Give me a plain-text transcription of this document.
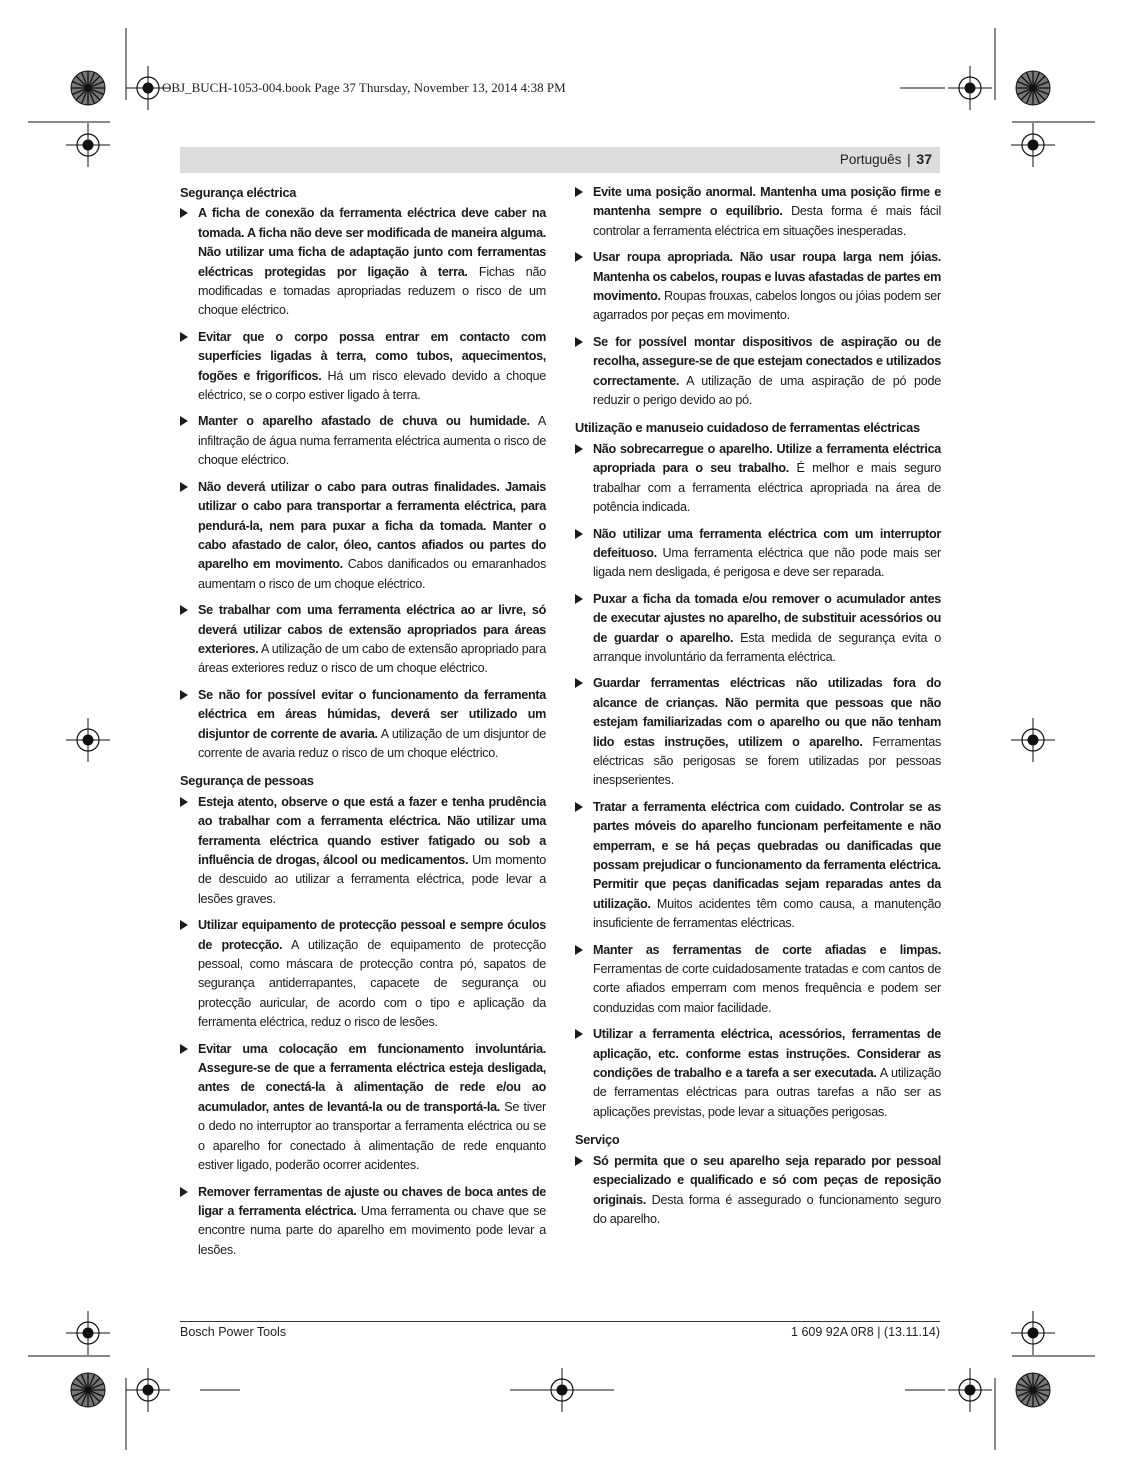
OBJ_BUCH-1053-004.book Page 37 Thursday, November 13, 2014 4:38 PM
Português | 37
Segurança eléctrica
A ficha de conexão da ferramenta eléctrica deve caber na tomada. A ficha não deve ser modificada de maneira alguma. Não utilizar uma ficha de adaptação junto com ferramentas eléctricas protegidas por ligação à terra. Fichas não modificadas e tomadas apropriadas reduzem o risco de um choque eléctrico.
Evitar que o corpo possa entrar em contacto com superfícies ligadas à terra, como tubos, aquecimentos, fogões e frigoríficos. Há um risco elevado devido a choque eléctrico, se o corpo estiver ligado à terra.
Manter o aparelho afastado de chuva ou humidade. A infiltração de água numa ferramenta eléctrica aumenta o risco de choque eléctrico.
Não deverá utilizar o cabo para outras finalidades. Jamais utilizar o cabo para transportar a ferramenta eléctrica, para pendurá-la, nem para puxar a ficha da tomada. Manter o cabo afastado de calor, óleo, cantos afiados ou partes do aparelho em movimento. Cabos danificados ou emaranhados aumentam o risco de um choque eléctrico.
Se trabalhar com uma ferramenta eléctrica ao ar livre, só deverá utilizar cabos de extensão apropriados para áreas exteriores. A utilização de um cabo de extensão apropriado para áreas exteriores reduz o risco de um choque eléctrico.
Se não for possível evitar o funcionamento da ferramenta eléctrica em áreas húmidas, deverá ser utilizado um disjuntor de corrente de avaria. A utilização de um disjuntor de corrente de avaria reduz o risco de um choque eléctrico.
Segurança de pessoas
Esteja atento, observe o que está a fazer e tenha prudência ao trabalhar com a ferramenta eléctrica. Não utilizar uma ferramenta eléctrica quando estiver fatigado ou sob a influência de drogas, álcool ou medicamentos. Um momento de descuido ao utilizar a ferramenta eléctrica, pode levar a lesões graves.
Utilizar equipamento de protecção pessoal e sempre óculos de protecção. A utilização de equipamento de protecção pessoal, como máscara de protecção contra pó, sapatos de segurança antiderrapantes, capacete de segurança ou protecção auricular, de acordo com o tipo e aplicação da ferramenta eléctrica, reduz o risco de lesões.
Evitar uma colocação em funcionamento involuntária. Assegure-se de que a ferramenta eléctrica esteja desligada, antes de conectá-la à alimentação de rede e/ou ao acumulador, antes de levantá-la ou de transportá-la. Se tiver o dedo no interruptor ao transportar a ferramenta eléctrica ou se o aparelho for conectado à alimentação de rede enquanto estiver ligado, poderão ocorrer acidentes.
Remover ferramentas de ajuste ou chaves de boca antes de ligar a ferramenta eléctrica. Uma ferramenta ou chave que se encontre numa parte do aparelho em movimento pode levar a lesões.
Evite uma posição anormal. Mantenha uma posição firme e mantenha sempre o equilíbrio. Desta forma é mais fácil controlar a ferramenta eléctrica em situações inesperadas.
Usar roupa apropriada. Não usar roupa larga nem jóias. Mantenha os cabelos, roupas e luvas afastadas de partes em movimento. Roupas frouxas, cabelos longos ou jóias podem ser agarrados por peças em movimento.
Se for possível montar dispositivos de aspiração ou de recolha, assegure-se de que estejam conectados e utilizados correctamente. A utilização de uma aspiração de pó pode reduzir o perigo devido ao pó.
Utilização e manuseio cuidadoso de ferramentas eléctricas
Não sobrecarregue o aparelho. Utilize a ferramenta eléctrica apropriada para o seu trabalho. É melhor e mais seguro trabalhar com a ferramenta eléctrica apropriada na área de potência indicada.
Não utilizar uma ferramenta eléctrica com um interruptor defeituoso. Uma ferramenta eléctrica que não pode mais ser ligada nem desligada, é perigosa e deve ser reparada.
Puxar a ficha da tomada e/ou remover o acumulador antes de executar ajustes no aparelho, de substituir acessórios ou de guardar o aparelho. Esta medida de segurança evita o arranque involuntário da ferramenta eléctrica.
Guardar ferramentas eléctricas não utilizadas fora do alcance de crianças. Não permita que pessoas que não estejam familiarizadas com o aparelho ou que não tenham lido estas instruções, utilizem o aparelho. Ferramentas eléctricas são perigosas se forem utilizadas por pessoas inespserientes.
Tratar a ferramenta eléctrica com cuidado. Controlar se as partes móveis do aparelho funcionam perfeitamente e não emperram, e se há peças quebradas ou danificadas que possam prejudicar o funcionamento da ferramenta eléctrica. Permitir que peças danificadas sejam reparadas antes da utilização. Muitos acidentes têm como causa, a manutenção insuficiente de ferramentas eléctricas.
Manter as ferramentas de corte afiadas e limpas. Ferramentas de corte cuidadosamente tratadas e com cantos de corte afiados emperram com menos frequência e podem ser conduzidas com maior facilidade.
Utilizar a ferramenta eléctrica, acessórios, ferramentas de aplicação, etc. conforme estas instruções. Considerar as condições de trabalho e a tarefa a ser executada. A utilização de ferramentas eléctricas para outras tarefas a não ser as aplicações previstas, pode levar a situações perigosas.
Serviço
Só permita que o seu aparelho seja reparado por pessoal especializado e qualificado e só com peças de reposição originais. Desta forma é assegurado o funcionamento seguro do aparelho.
Bosch Power Tools	1 609 92A 0R8 | (13.11.14)
